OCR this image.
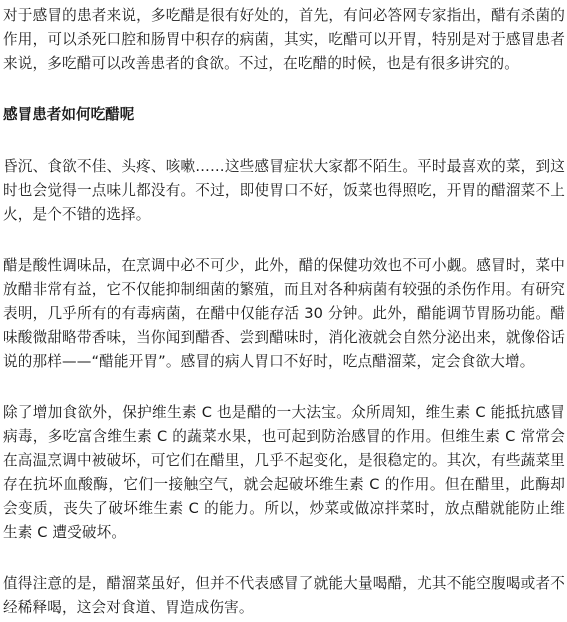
对于感冒的患者来说，多吃醋是很有好处的，首先，有问必答网专家指出，醋有杀菌的作用，可以杀死口腔和肠胃中积存的病菌，其实，吃醋可以开胃，特别是对于感冒患者来说，多吃醋可以改善患者的食欲。不过，在吃醋的时候，也是有很多讲究的。

感冒患者如何吃醋呢

昏沉、食欲不佳、头疼、咳嗽……这些感冒症状大家都不陌生。平时最喜欢的菜，到这时也会觉得一点味儿都没有。不过，即使胃口不好，饭菜也得照吃，开胃的醋溜菜不上火，是个不错的选择。

醋是酸性调味品，在烹调中必不可少，此外，醋的保健功效也不可小觑。感冒时，菜中放醋非常有益，它不仅能抑制细菌的繁殖，而且对各种病菌有较强的杀伤作用。有研究表明，几乎所有的有毒病菌，在醋中仅能存活 30 分钟。此外，醋能调节胃肠功能。醋味酸微甜略带香味，当你闻到醋香、尝到醋味时，消化液就会自然分泌出来，就像俗话说的那样——“醋能开胃”。感冒的病人胃口不好时，吃点醋溜菜，定会食欲大增。

除了增加食欲外，保护维生素 C 也是醋的一大法宝。众所周知，维生素 C 能抵抗感冒病毒，多吃富含维生素 C 的蔬菜水果，也可起到防治感冒的作用。但维生素 C 常常会在高温烹调中被破坏，可它们在醋里，几乎不起变化，是很稳定的。其次，有些蔬菜里存在抗坏血酸酶，它们一接触空气，就会起破坏维生素 C 的作用。但在醋里，此酶却会变质，丧失了破坏维生素 C 的能力。所以，炒菜或做凉拌菜时，放点醋就能防止维生素 C 遭受破坏。

值得注意的是，醋溜菜虽好，但并不代表感冒了就能大量喝醋，尤其不能空腹喝或者不经稀释喝，这会对食道、胃造成伤害。
